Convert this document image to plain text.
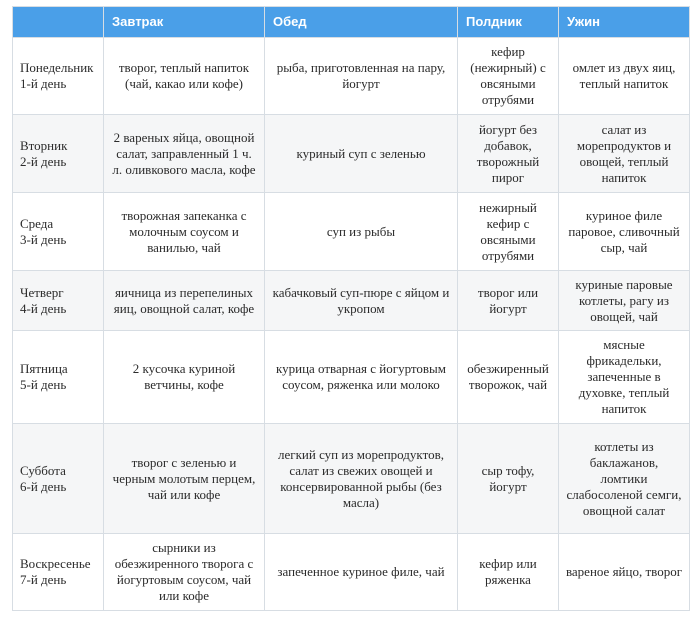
	Завтрак	Обед	Полдник	Ужин

Понедельник
1-й день	творог, теплый напиток (чай, какао или кофе)	рыба, приготовленная на пару, йогурт	кефир (нежирный) с овсяными отрубями	омлет из двух яиц, теплый напиток

Вторник
2-й день	2 вареных яйца, овощной салат, заправленный 1 ч. л. оливкового масла, кофе	куриный суп с зеленью	йогурт без добавок, творожный пирог	салат из морепродуктов и овощей, теплый напиток

Среда
3-й день	творожная запеканка с молочным соусом и ванилью, чай	суп из рыбы	нежирный кефир с овсяными отрубями	куриное филе паровое, сливочный сыр, чай

Четверг
4-й день	яичница из перепелиных яиц, овощной салат, кофе	кабачковый суп-пюре с яйцом и укропом	творог или йогурт	куриные паровые котлеты, рагу из овощей, чай

Пятница
5-й день	2 кусочка куриной ветчины, кофе	курица отварная с йогуртовым соусом, ряженка или молоко	обезжиренный творожок, чай	мясные фрикадельки, запеченные в духовке, теплый напиток

Суббота
6-й день	творог с зеленью и черным молотым перцем, чай или кофе	легкий суп из морепродуктов, салат из свежих овощей и консервированной рыбы (без масла)	сыр тофу, йогурт	котлеты из баклажанов, ломтики слабосоленой семги, овощной салат

Воскресенье
7-й день	сырники из обезжиренного творога с йогуртовым соусом, чай или кофе	запеченное куриное филе, чай	кефир или ряженка	вареное яйцо, творог
